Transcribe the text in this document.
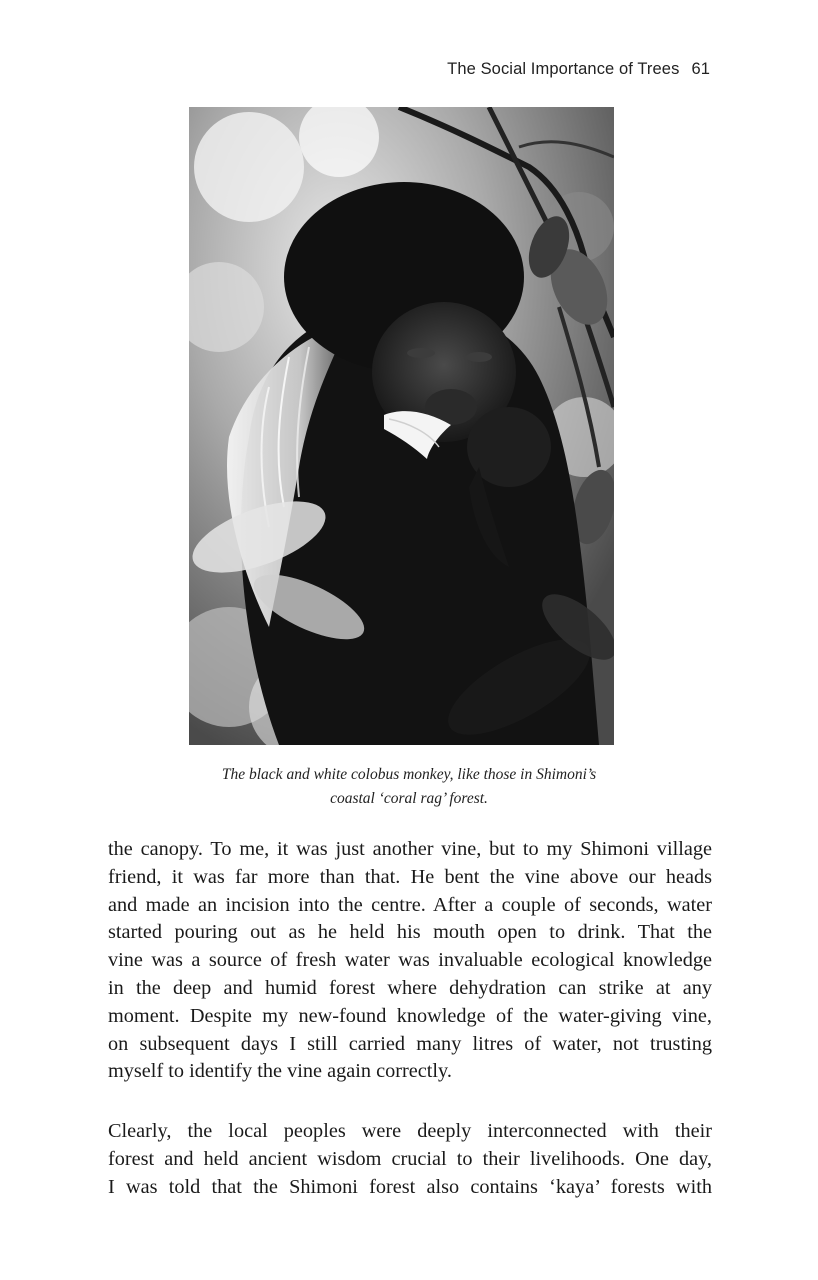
The Social Importance of Trees 61
The black and white colobus monkey, like those in Shimoni’s
coastal ‘coral rag’ forest.
the canopy. To me, it was just another vine, but to my Shimoni village
friend, it was far more than that. He bent the vine above our heads
and made an incision into the centre. After a couple of seconds, water
started pouring out as he held his mouth open to drink. That the
vine was a source of fresh water was invaluable ecological knowledge
in the deep and humid forest where dehydration can strike at any
moment. Despite my new-found knowledge of the water-giving vine,
on subsequent days I still carried many litres of water, not trusting
myself to identify the vine again correctly.
Clearly, the local peoples were deeply interconnected with their
forest and held ancient wisdom crucial to their livelihoods. One day,
I was told that the Shimoni forest also contains ‘kaya’ forests with
